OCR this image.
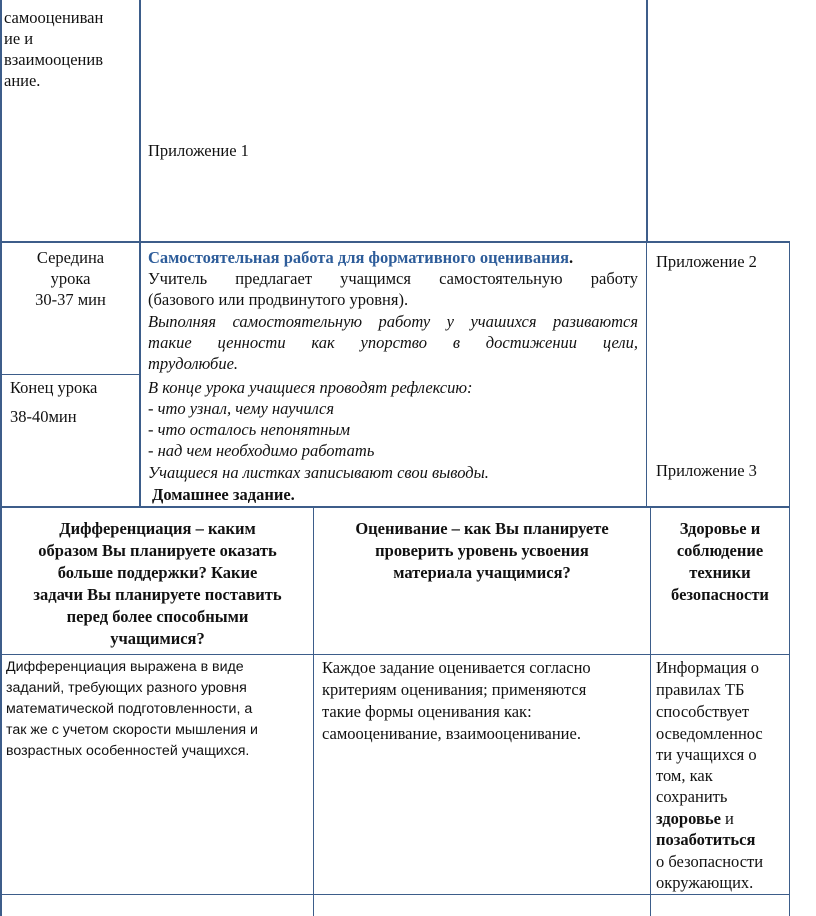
самооцениван
ие и
взаимооценив
ание.
Приложение 1
Середина
урока
30-37 мин
Самостоятельная работа для формативного оценивания.
Учитель предлагает учащимся самостоятельную работу
(базового или продвинутого уровня).
Выполняя самостоятельную работу у учашихся разиваются
такие ценности как упорство в достижении цели,
трудолюбие.
Приложение 2
Конец урока
38-40мин
В конце урока учащиеся проводят рефлексию:
- что узнал, чему научился
- что осталось непонятным
- над чем необходимо работать
Учащиеся на листках записывают свои выводы.
Домашнее задание.
Приложение 3
Дифференциация – каким
образом Вы планируете оказать
больше поддержки? Какие
задачи Вы планируете поставить
перед более способными
учащимися?
Оценивание – как Вы планируете
проверить уровень усвоения
материала учащимися?
Здоровье и
соблюдение
техники
безопасности
Дифференциация выражена в виде
заданий, требующих разного уровня
математической подготовленности, а
так же с учетом скорости мышления и
возрастных особенностей учащихся.
Каждое задание оценивается согласно
критериям оценивания; применяются
такие формы оценивания как:
самооценивание, взаимооценивание.
Информация о
правилах ТБ
способствует
осведомленнос
ти учащихся о
том, как
сохранить
здоровье и
позаботиться
о безопасности
окружающих.
